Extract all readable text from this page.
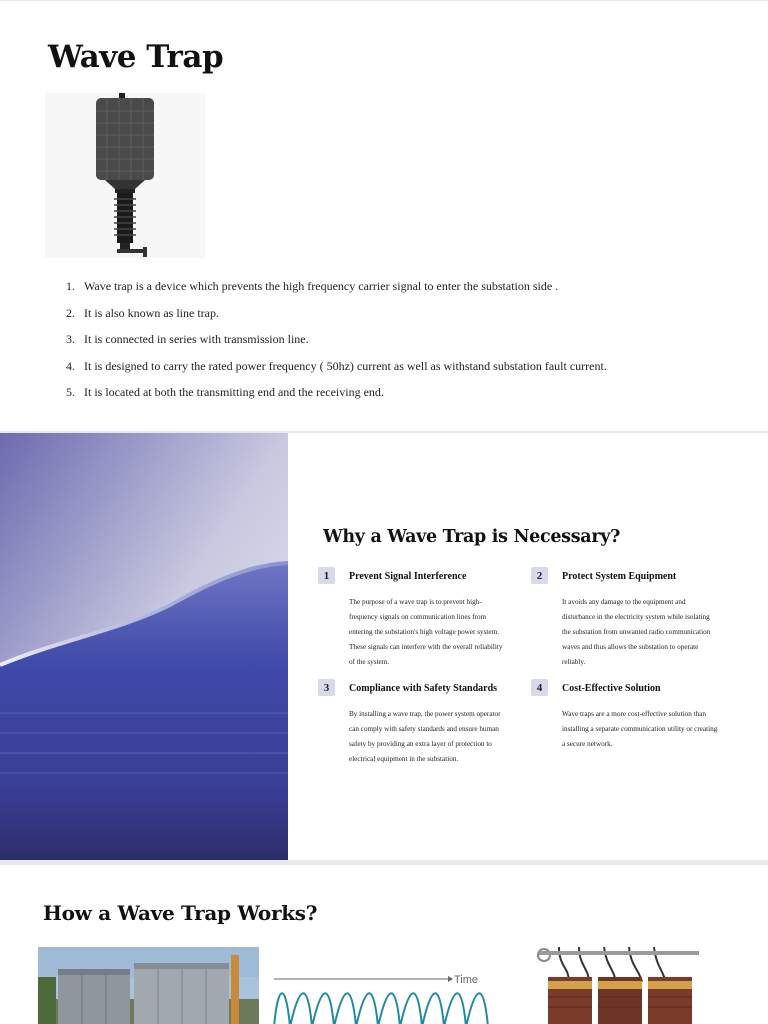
Wave Trap
1. Wave trap is a device which prevents the high frequency carrier signal to enter the substation side .
2. It is also known as line trap.
3. It is connected in series with transmission line.
4. It is designed to carry the rated power frequency ( 50hz) current as well as withstand substation fault current.
5. It is located at both the transmitting end and the receiving end.
Why a Wave Trap is Necessary?
1	Prevent Signal Interference

The purpose of a wave trap is to prevent high-
frequency signals on communication lines from
entering the substation's high voltage power system.
These signals can interfere with the overall reliability
of the system.

2	Protect System Equipment

It avoids any damage to the equipment and
disturbance in the electricity system while isolating
the substation from unwanted radio communication
waves and thus allows the substation to operate
reliably.

3	Compliance with Safety Standards

By installing a wave trap, the power system operator
can comply with safety standards and ensure human
safety by providing an extra layer of protection to
electrical equipment in the substation.

4	Cost-Effective Solution

Wave traps are a more cost-effective solution than
installing a separate communication utility or creating
a secure network.

How a Wave Trap Works?
Time
